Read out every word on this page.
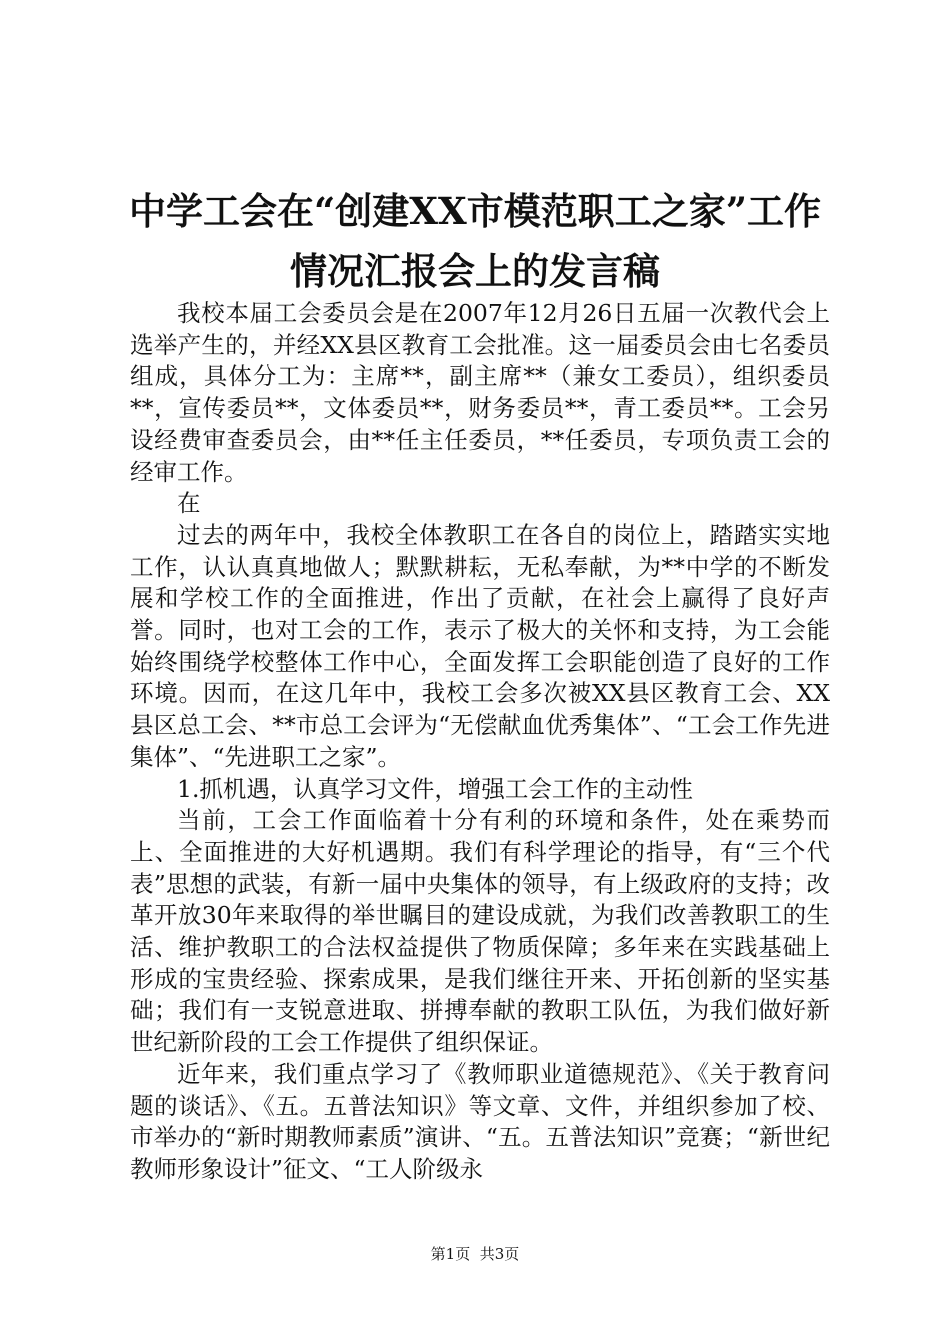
中学工会在“创建XX市模范职工之家”工作
情况汇报会上的发言稿

我校本届工会委员会是在2007年12月26日五届一次教代会上选举产生的，并经XX县区教育工会批准。这一届委员会由七名委员组成，具体分工为：主席**，副主席**（兼女工委员），组织委员**，宣传委员**，文体委员**，财务委员**，青工委员**。工会另设经费审查委员会，由**任主任委员，**任委员，专项负责工会的经审工作。

在

过去的两年中，我校全体教职工在各自的岗位上，踏踏实实地工作，认认真真地做人；默默耕耘，无私奉献，为**中学的不断发展和学校工作的全面推进，作出了贡献，在社会上赢得了良好声誉。同时，也对工会的工作，表示了极大的关怀和支持，为工会能始终围绕学校整体工作中心，全面发挥工会职能创造了良好的工作环境。因而，在这几年中，我校工会多次被XX县区教育工会、XX县区总工会、**市总工会评为“无偿献血优秀集体”、“工会工作先进集体”、“先进职工之家”。

1.抓机遇，认真学习文件，增强工会工作的主动性

当前，工会工作面临着十分有利的环境和条件，处在乘势而上、全面推进的大好机遇期。我们有科学理论的指导，有“三个代表”思想的武装，有新一届中央集体的领导，有上级政府的支持；改革开放30年来取得的举世瞩目的建设成就，为我们改善教职工的生活、维护教职工的合法权益提供了物质保障；多年来在实践基础上形成的宝贵经验、探索成果，是我们继往开来、开拓创新的坚实基础；我们有一支锐意进取、拼搏奉献的教职工队伍，为我们做好新世纪新阶段的工会工作提供了组织保证。

近年来，我们重点学习了《教师职业道德规范》、《关于教育问题的谈话》、《五。五普法知识》等文章、文件，并组织参加了校、市举办的“新时期教师素质”演讲、“五。五普法知识”竞赛；“新世纪教师形象设计”征文、“工人阶级永

第1页 共3页
